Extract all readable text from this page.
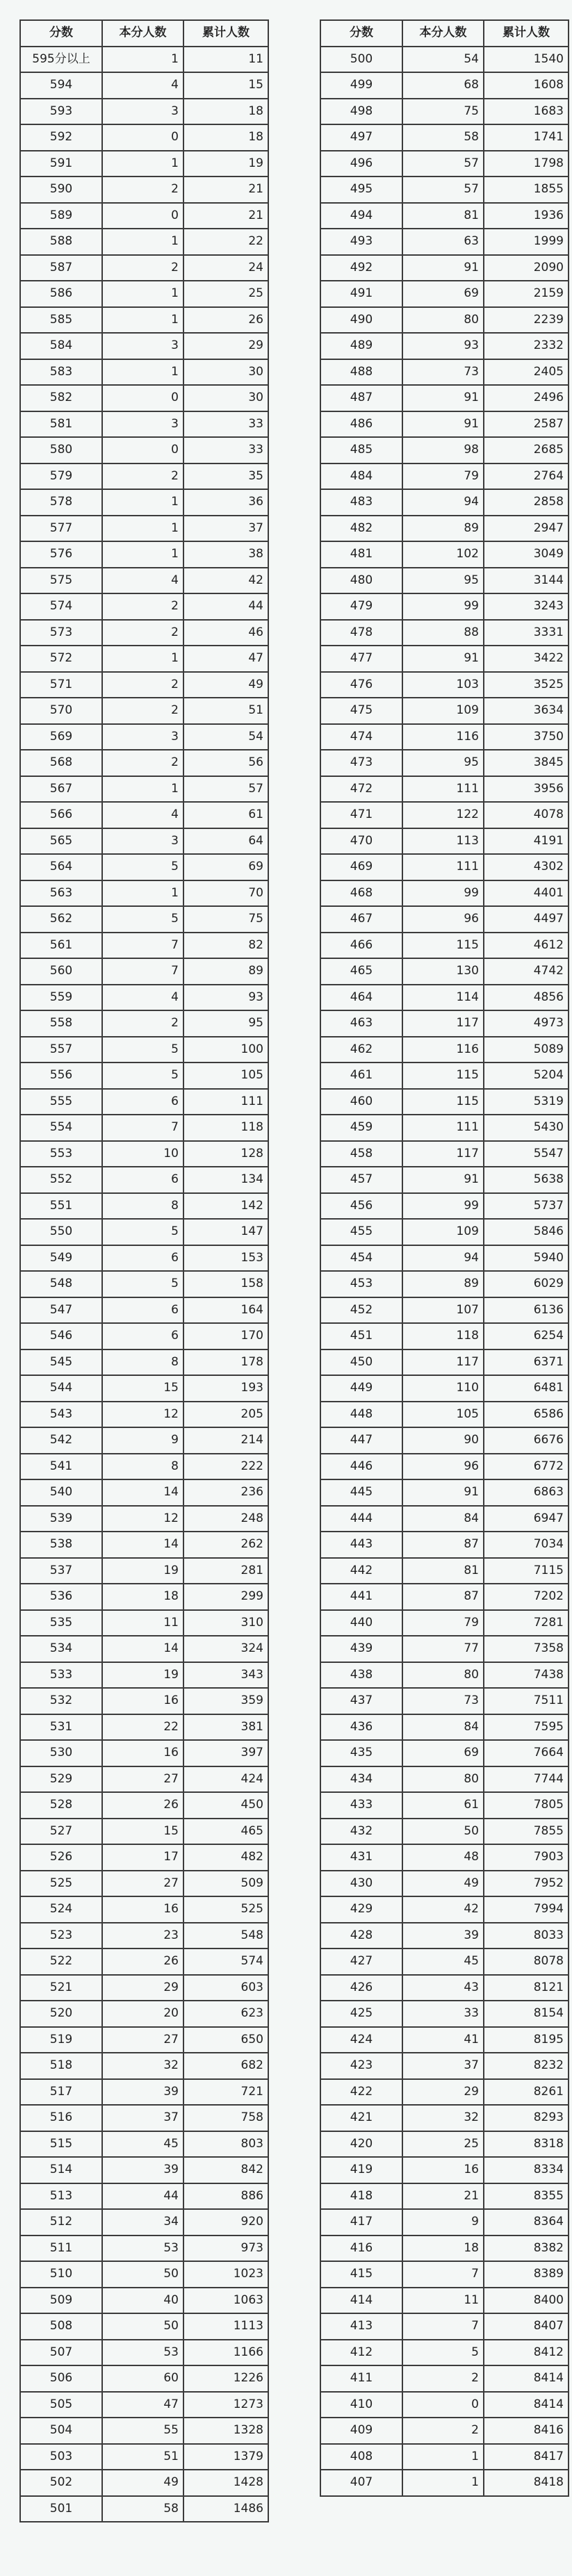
分数	本分人数	累计人数
595分以上	1	11
594	4	15
593	3	18
592	0	18
591	1	19
590	2	21
589	0	21
588	1	22
587	2	24
586	1	25
585	1	26
584	3	29
583	1	30
582	0	30
581	3	33
580	0	33
579	2	35
578	1	36
577	1	37
576	1	38
575	4	42
574	2	44
573	2	46
572	1	47
571	2	49
570	2	51
569	3	54
568	2	56
567	1	57
566	4	61
565	3	64
564	5	69
563	1	70
562	5	75
561	7	82
560	7	89
559	4	93
558	2	95
557	5	100
556	5	105
555	6	111
554	7	118
553	10	128
552	6	134
551	8	142
550	5	147
549	6	153
548	5	158
547	6	164
546	6	170
545	8	178
544	15	193
543	12	205
542	9	214
541	8	222
540	14	236
539	12	248
538	14	262
537	19	281
536	18	299
535	11	310
534	14	324
533	19	343
532	16	359
531	22	381
530	16	397
529	27	424
528	26	450
527	15	465
526	17	482
525	27	509
524	16	525
523	23	548
522	26	574
521	29	603
520	20	623
519	27	650
518	32	682
517	39	721
516	37	758
515	45	803
514	39	842
513	44	886
512	34	920
511	53	973
510	50	1023
509	40	1063
508	50	1113
507	53	1166
506	60	1226
505	47	1273
504	55	1328
503	51	1379
502	49	1428
501	58	1486
分数	本分人数	累计人数
500	54	1540
499	68	1608
498	75	1683
497	58	1741
496	57	1798
495	57	1855
494	81	1936
493	63	1999
492	91	2090
491	69	2159
490	80	2239
489	93	2332
488	73	2405
487	91	2496
486	91	2587
485	98	2685
484	79	2764
483	94	2858
482	89	2947
481	102	3049
480	95	3144
479	99	3243
478	88	3331
477	91	3422
476	103	3525
475	109	3634
474	116	3750
473	95	3845
472	111	3956
471	122	4078
470	113	4191
469	111	4302
468	99	4401
467	96	4497
466	115	4612
465	130	4742
464	114	4856
463	117	4973
462	116	5089
461	115	5204
460	115	5319
459	111	5430
458	117	5547
457	91	5638
456	99	5737
455	109	5846
454	94	5940
453	89	6029
452	107	6136
451	118	6254
450	117	6371
449	110	6481
448	105	6586
447	90	6676
446	96	6772
445	91	6863
444	84	6947
443	87	7034
442	81	7115
441	87	7202
440	79	7281
439	77	7358
438	80	7438
437	73	7511
436	84	7595
435	69	7664
434	80	7744
433	61	7805
432	50	7855
431	48	7903
430	49	7952
429	42	7994
428	39	8033
427	45	8078
426	43	8121
425	33	8154
424	41	8195
423	37	8232
422	29	8261
421	32	8293
420	25	8318
419	16	8334
418	21	8355
417	9	8364
416	18	8382
415	7	8389
414	11	8400
413	7	8407
412	5	8412
411	2	8414
410	0	8414
409	2	8416
408	1	8417
407	1	8418
